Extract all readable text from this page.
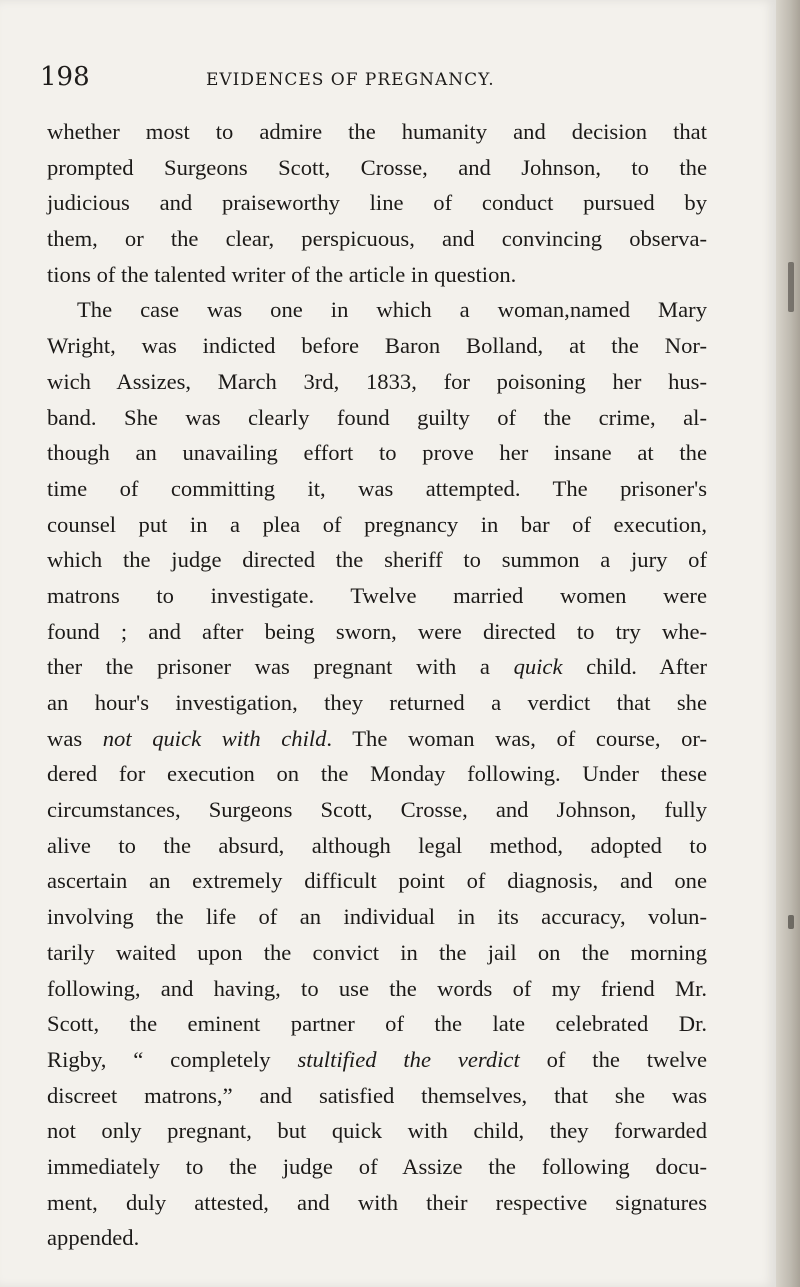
198	EVIDENCES OF PREGNANCY.
whether most to admire the humanity and decision that
prompted Surgeons Scott, Crosse, and Johnson, to the
judicious and praiseworthy line of conduct pursued by
them, or the clear, perspicuous, and convincing observa-
tions of the talented writer of the article in question.
The case was one in which a woman,named Mary
Wright, was indicted before Baron Bolland, at the Nor-
wich Assizes, March 3rd, 1833, for poisoning her hus-
band. She was clearly found guilty of the crime, al-
though an unavailing effort to prove her insane at the
time of committing it, was attempted. The prisoner's
counsel put in a plea of pregnancy in bar of execution,
which the judge directed the sheriff to summon a jury of
matrons to investigate. Twelve married women were
found ; and after being sworn, were directed to try whe-
ther the prisoner was pregnant with a quick child. After
an hour's investigation, they returned a verdict that she
was not quick with child. The woman was, of course, or-
dered for execution on the Monday following. Under these
circumstances, Surgeons Scott, Crosse, and Johnson, fully
alive to the absurd, although legal method, adopted to
ascertain an extremely difficult point of diagnosis, and one
involving the life of an individual in its accuracy, volun-
tarily waited upon the convict in the jail on the morning
following, and having, to use the words of my friend Mr.
Scott, the eminent partner of the late celebrated Dr.
Rigby, “ completely stultified the verdict of the twelve
discreet matrons,” and satisfied themselves, that she was
not only pregnant, but quick with child, they forwarded
immediately to the judge of Assize the following docu-
ment, duly attested, and with their respective signatures
appended.
